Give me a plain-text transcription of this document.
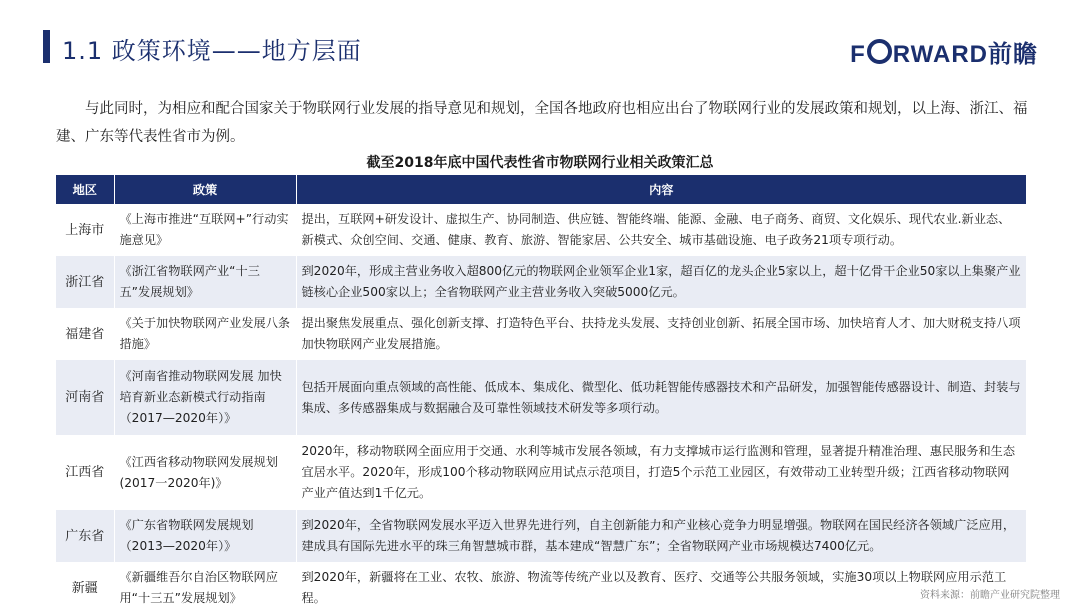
1.1 政策环境——地方层面	F RWARD前瞻
与此同时，为相应和配合国家关于物联网行业发展的指导意见和规划，全国各地政府也相应出台了物联网行业的发展政策和规划，以上海、浙江、福建、广东等代表性省市为例。
截至2018年底中国代表性省市物联网行业相关政策汇总
地区	政策	内容
上海市	《上海市推进“互联网+”行动实施意见》	提出，互联网+研发设计、虚拟生产、协同制造、供应链、智能终端、能源、金融、电子商务、商贸、文化娱乐、现代农业.新业态、新模式、众创空间、交通、健康、教育、旅游、智能家居、公共安全、城市基础设施、电子政务21项专项行动。
浙江省	《浙江省物联网产业“十三五”发展规划》	到2020年，形成主营业务收入超800亿元的物联网企业领军企业1家，超百亿的龙头企业5家以上，超十亿骨干企业50家以上集聚产业链核心企业500家以上；全省物联网产业主营业务收入突破5000亿元。
福建省	《关于加快物联网产业发展八条措施》	提出聚焦发展重点、强化创新支撑、打造特色平台、扶持龙头发展、支持创业创新、拓展全国市场、加快培育人才、加大财税支持八项加快物联网产业发展措施。
河南省	《河南省推动物联网发展 加快培育新业态新模式行动指南（2017—2020年）》	包括开展面向重点领域的高性能、低成本、集成化、微型化、低功耗智能传感器技术和产品研发，加强智能传感器设计、制造、封装与集成、多传感器集成与数据融合及可靠性领域技术研发等多项行动。
江西省	《江西省移动物联网发展规划(2017一2020年)》	2020年，移动物联网全面应用于交通、水利等城市发展各领域，有力支撑城市运行监测和管理，显著提升精准治理、惠民服务和生态宜居水平。2020年，形成100个移动物联网应用试点示范项目，打造5个示范工业园区，有效带动工业转型升级；江西省移动物联网产业产值达到1千亿元。
广东省	《广东省物联网发展规划（2013—2020年）》	到2020年，全省物联网发展水平迈入世界先进行列，自主创新能力和产业核心竞争力明显增强。物联网在国民经济各领域广泛应用，建成具有国际先进水平的珠三角智慧城市群，基本建成“智慧广东”；全省物联网产业市场规模达7400亿元。
新疆	《新疆维吾尔自治区物联网应用“十三五”发展规划》	到2020年，新疆将在工业、农牧、旅游、物流等传统产业以及教育、医疗、交通等公共服务领域，实施30项以上物联网应用示范工程。	资料来源：前瞻产业研究院整理
